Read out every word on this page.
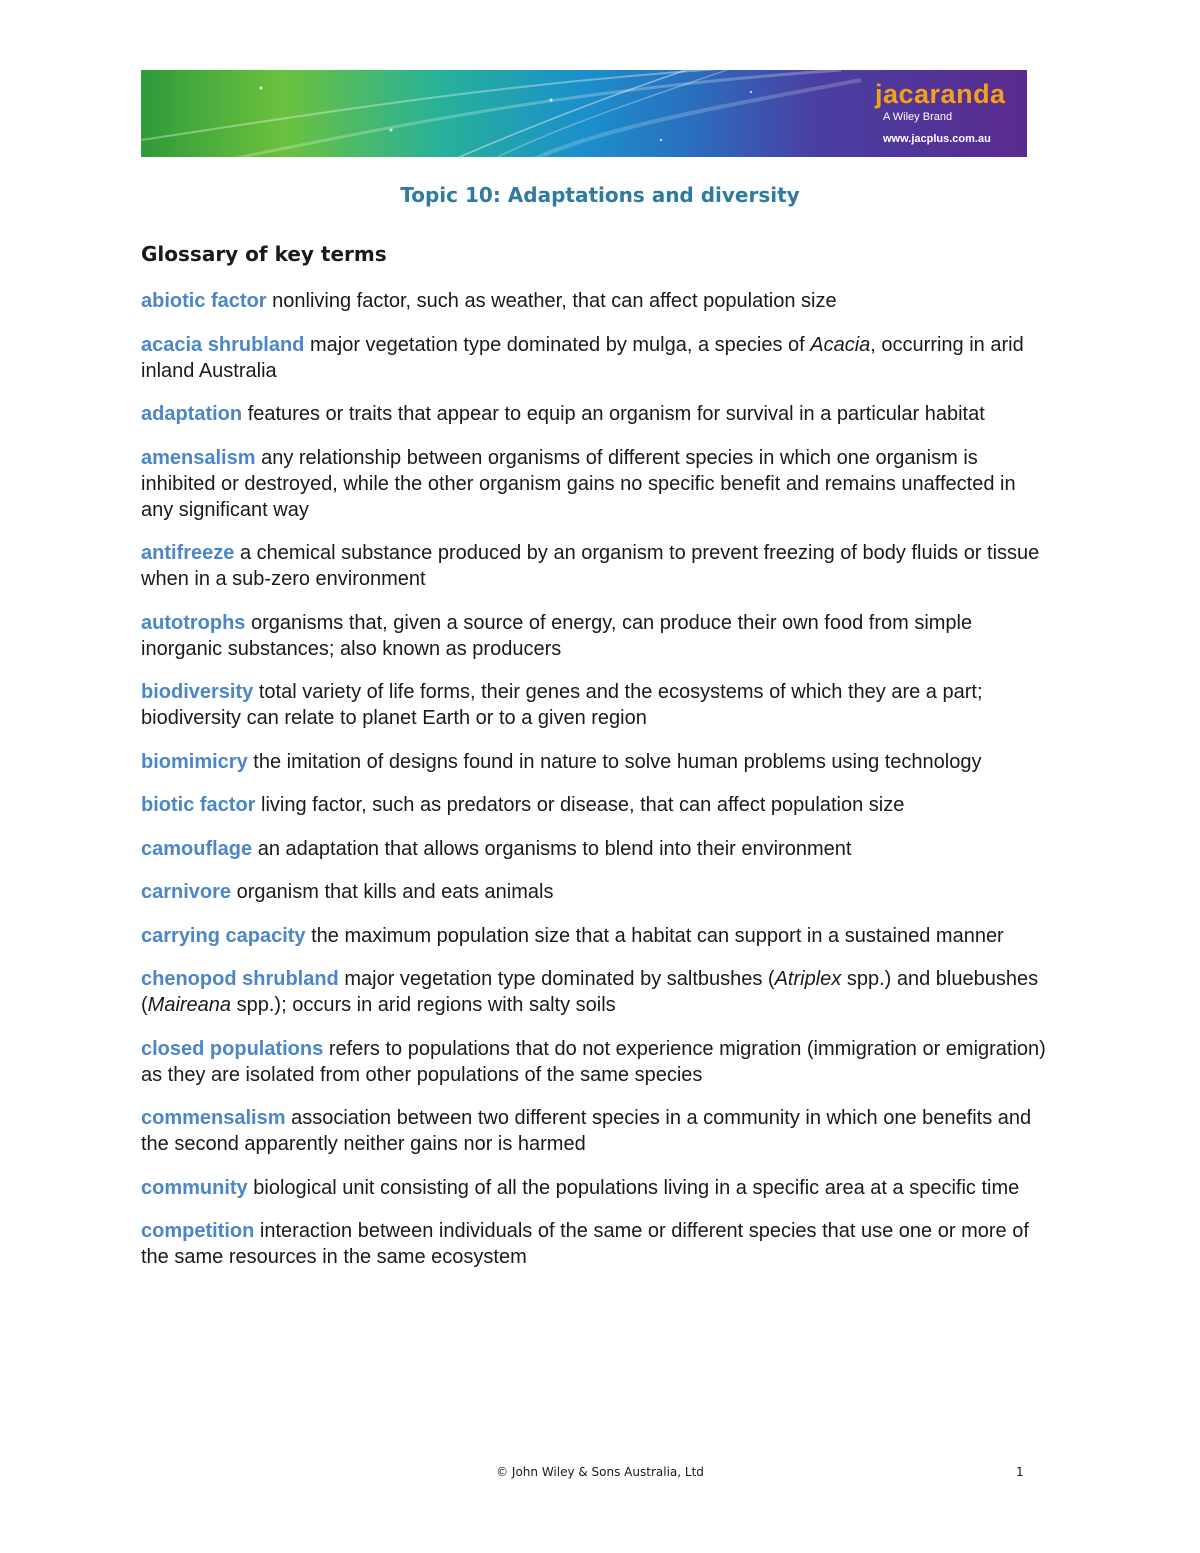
jacaranda
A Wiley Brand
www.jacplus.com.au
Topic 10: Adaptations and diversity
Glossary of key terms

abiotic factor nonliving factor, such as weather, that can affect population size

acacia shrubland major vegetation type dominated by mulga, a species of Acacia, occurring in arid inland Australia

adaptation features or traits that appear to equip an organism for survival in a particular habitat

amensalism any relationship between organisms of different species in which one organism is inhibited or destroyed, while the other organism gains no specific benefit and remains unaffected in any significant way

antifreeze a chemical substance produced by an organism to prevent freezing of body fluids or tissue when in a sub-zero environment

autotrophs organisms that, given a source of energy, can produce their own food from simple inorganic substances; also known as producers

biodiversity total variety of life forms, their genes and the ecosystems of which they are a part; biodiversity can relate to planet Earth or to a given region

biomimicry the imitation of designs found in nature to solve human problems using technology

biotic factor living factor, such as predators or disease, that can affect population size

camouflage an adaptation that allows organisms to blend into their environment

carnivore organism that kills and eats animals

carrying capacity the maximum population size that a habitat can support in a sustained manner

chenopod shrubland major vegetation type dominated by saltbushes (Atriplex spp.) and bluebushes (Maireana spp.); occurs in arid regions with salty soils

closed populations refers to populations that do not experience migration (immigration or emigration) as they are isolated from other populations of the same species

commensalism association between two different species in a community in which one benefits and the second apparently neither gains nor is harmed

community biological unit consisting of all the populations living in a specific area at a specific time

competition interaction between individuals of the same or different species that use one or more of the same resources in the same ecosystem

© John Wiley & Sons Australia, Ltd	1
